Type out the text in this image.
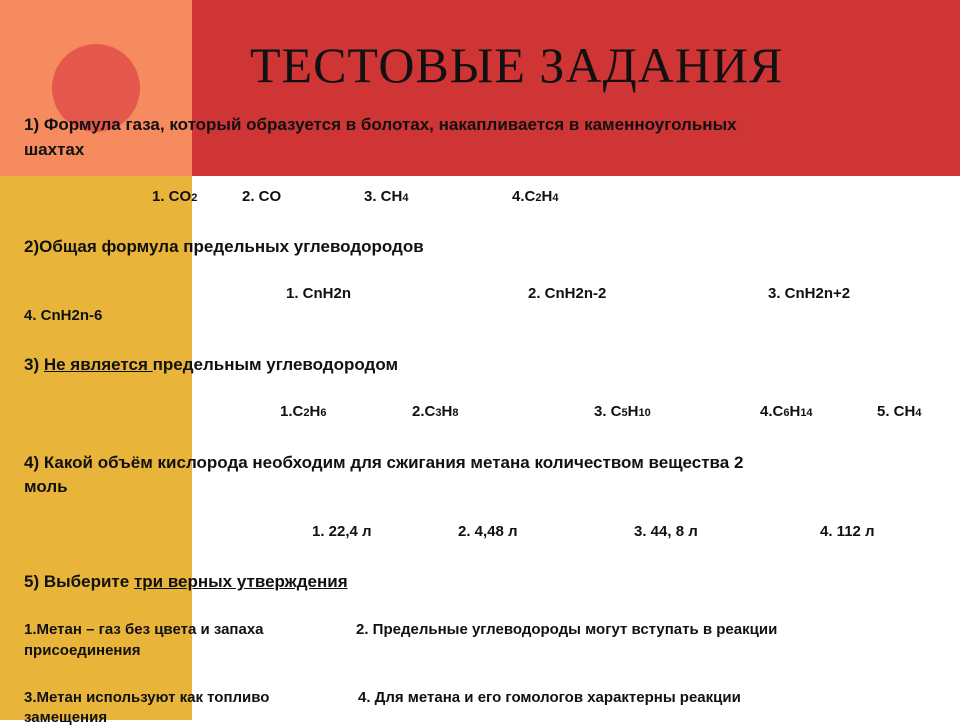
ТЕСТОВЫЕ ЗАДАНИЯ
1) Формула газа, который образуется в болотах, накапливается в каменноугольных
шахтах
1. CO2	2. CO	3. CH4	4.C2H4
2)Общая формула предельных углеводородов
1. CnH2n	2. CnH2n-2	3. CnH2n+2
4. CnH2n-6
3) Не является предельным углеводородом
1.C2H6	2.C3H8	3. C5H10	4.C6H14	5. CH4
4) Какой объём кислорода необходим для сжигания метана количеством вещества 2
моль
1. 22,4 л	2. 4,48 л	3. 44, 8 л	4. 112 л
5) Выберите три верных утверждения
1.Метан – газ без цвета и запаха	2. Предельные углеводороды могут вступать в реакции
присоединения
3.Метан используют как топливо	4. Для метана и его гомологов характерны реакции
замещения
